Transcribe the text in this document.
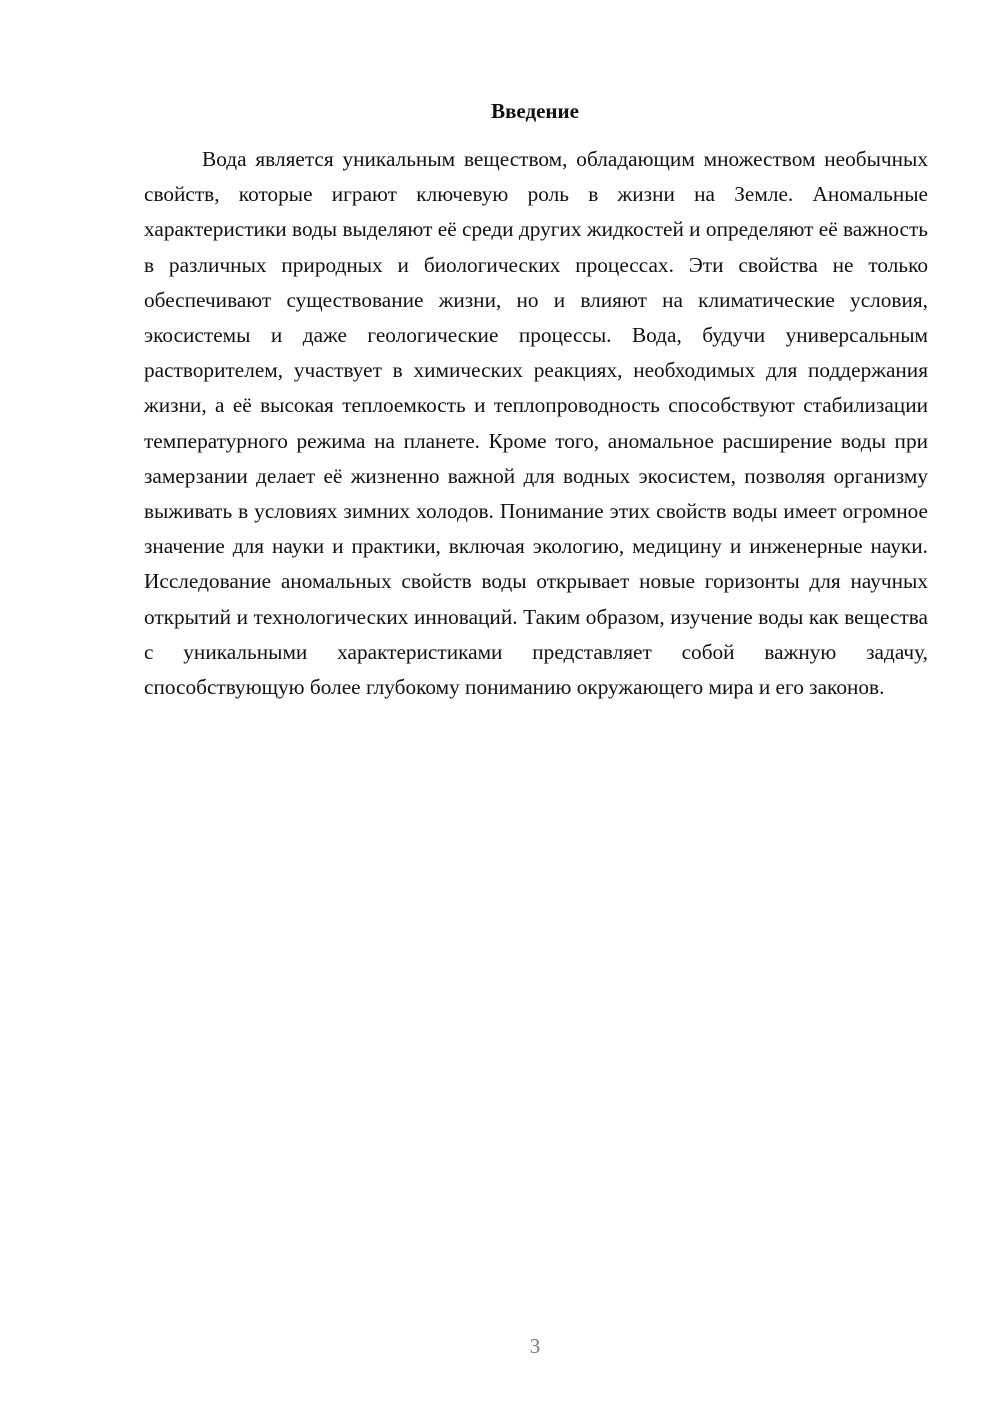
Введение

Вода является уникальным веществом, обладающим множеством необычных свойств, которые играют ключевую роль в жизни на Земле. Аномальные характеристики воды выделяют её среди других жидкостей и определяют её важность в различных природных и биологических процессах. Эти свойства не только обеспечивают существование жизни, но и влияют на климатические условия, экосистемы и даже геологические процессы. Вода, будучи универсальным растворителем, участвует в химических реакциях, необходимых для поддержания жизни, а её высокая теплоемкость и теплопроводность способствуют стабилизации температурного режима на планете. Кроме того, аномальное расширение воды при замерзании делает её жизненно важной для водных экосистем, позволяя организму выживать в условиях зимних холодов. Понимание этих свойств воды имеет огромное значение для науки и практики, включая экологию, медицину и инженерные науки. Исследование аномальных свойств воды открывает новые горизонты для научных открытий и технологических инноваций. Таким образом, изучение воды как вещества с уникальными характеристиками представляет собой важную задачу, способствующую более глубокому пониманию окружающего мира и его законов.

3
